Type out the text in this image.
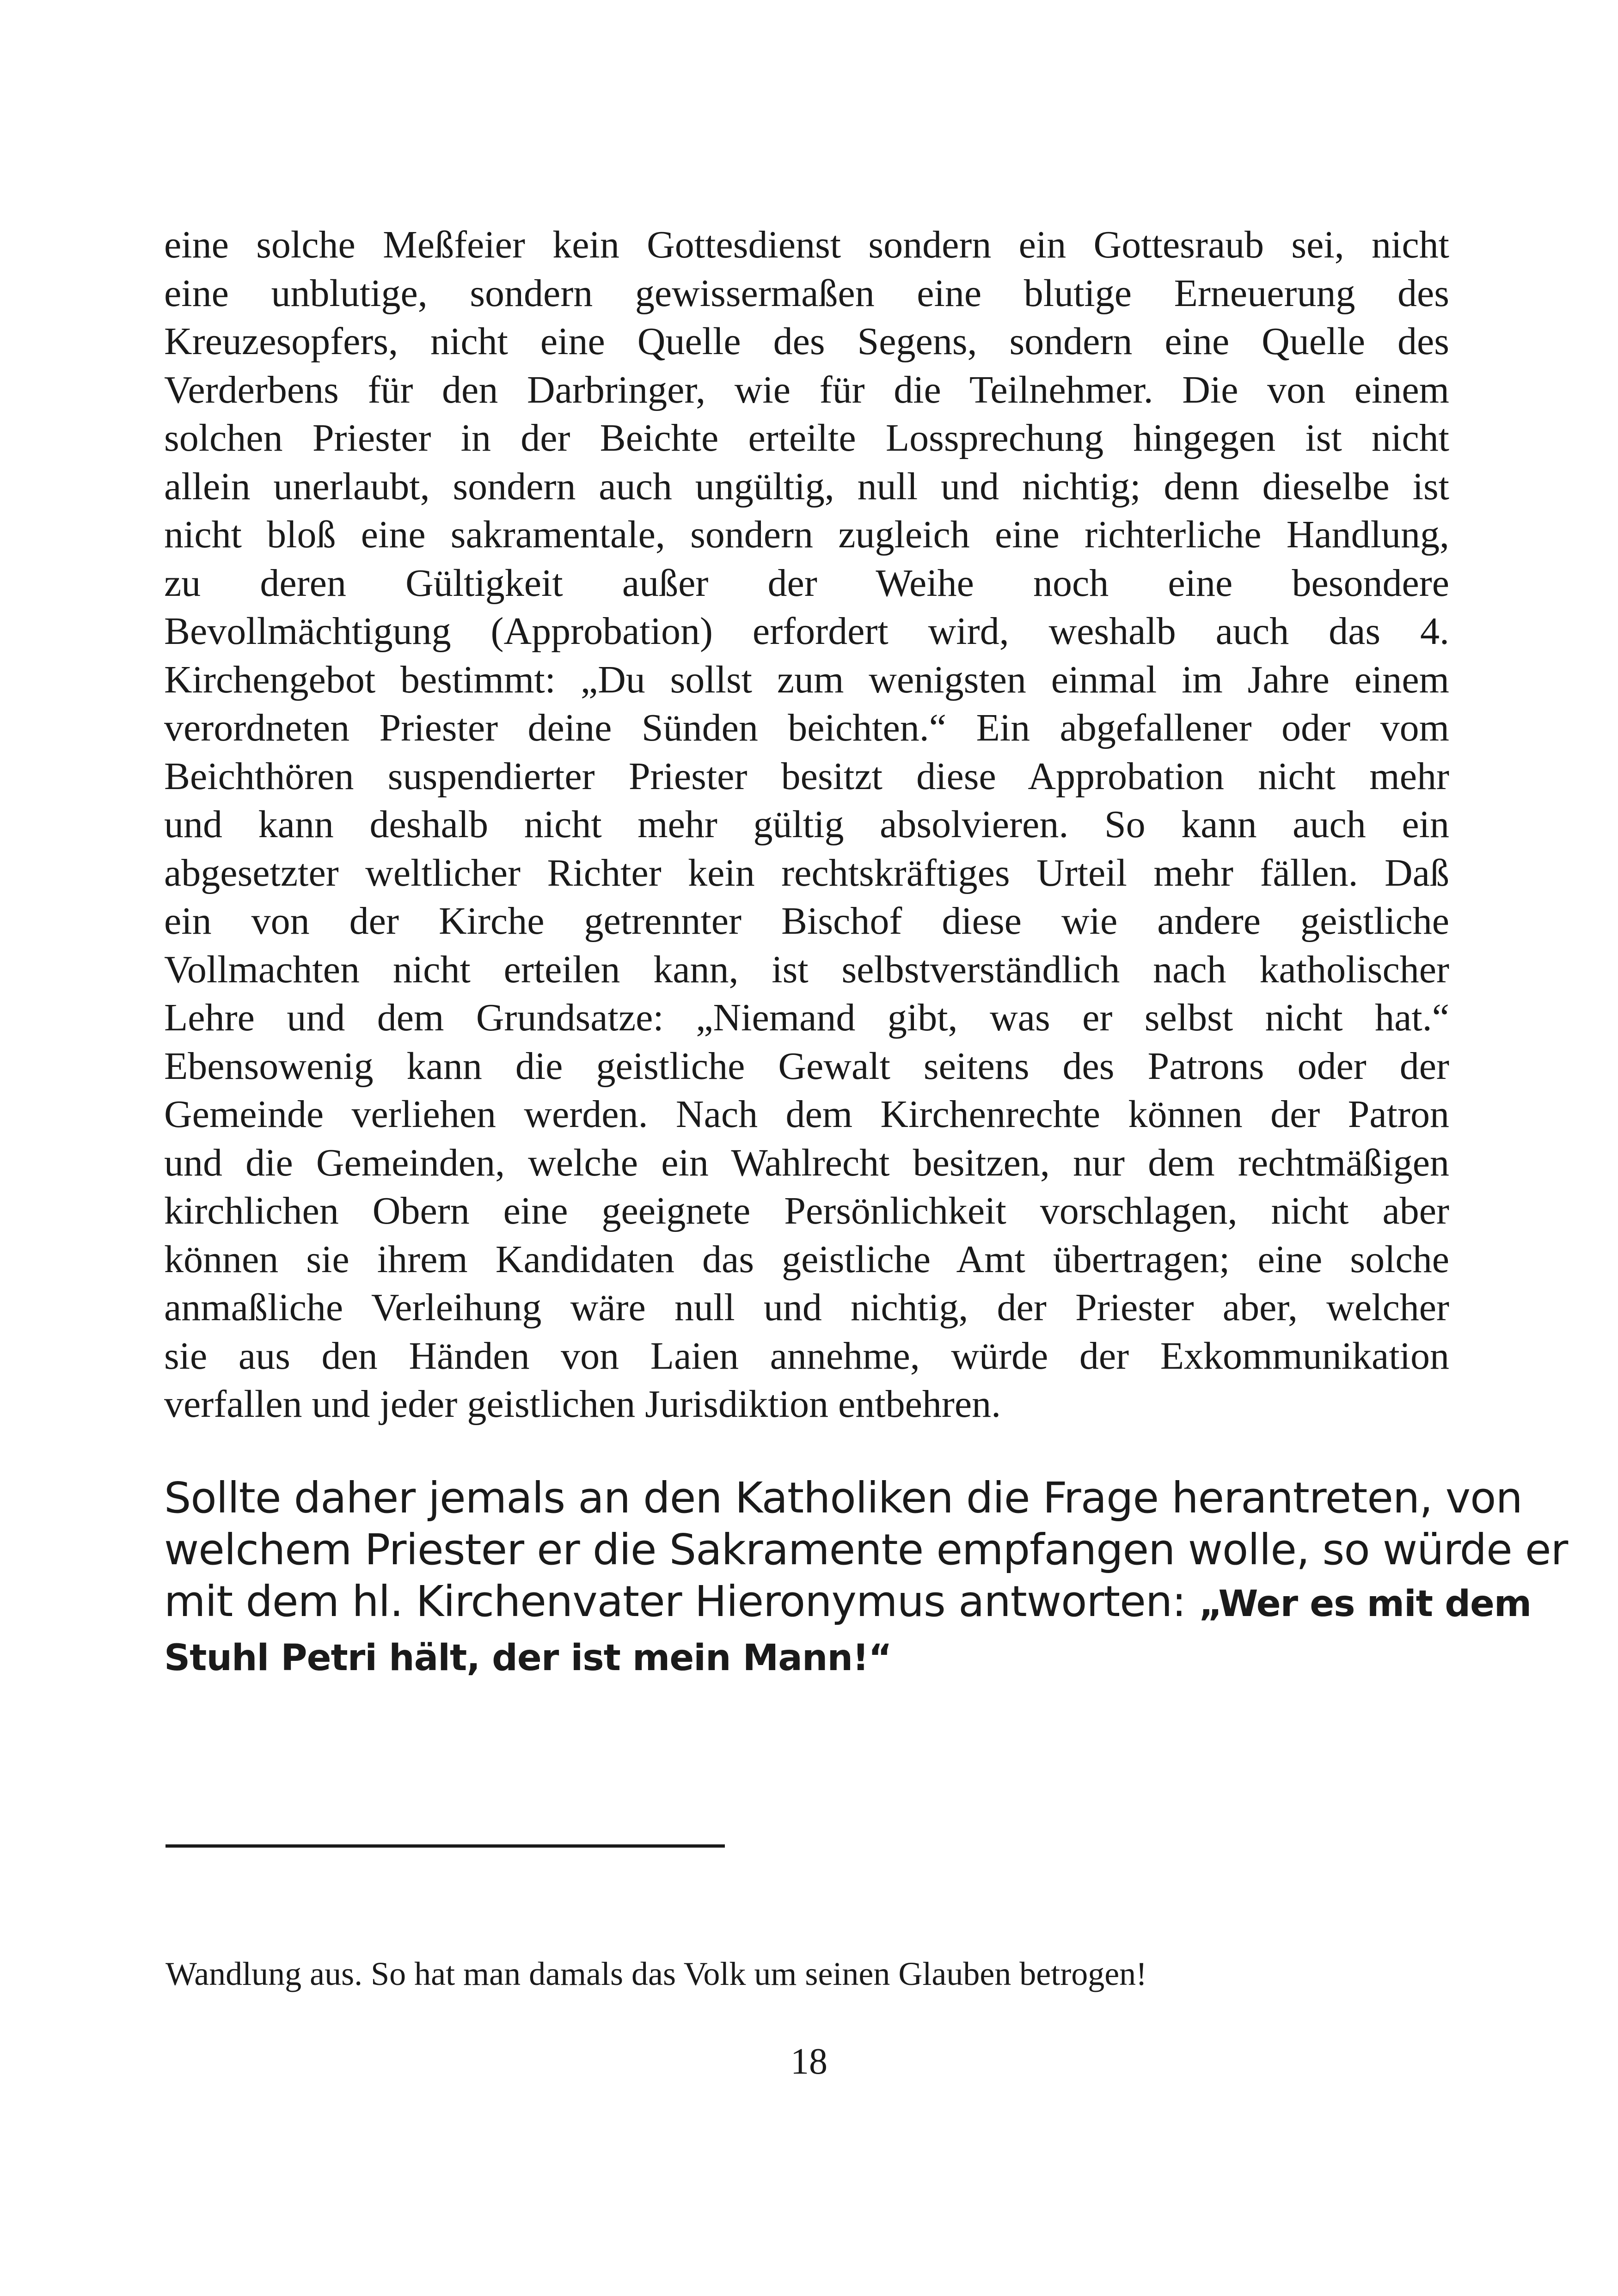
eine solche Meßfeier kein Gottesdienst sondern ein Gottesraub sei, nicht
eine unblutige, sondern gewissermaßen eine blutige Erneuerung des
Kreuzesopfers, nicht eine Quelle des Segens, sondern eine Quelle des
Verderbens für den Darbringer, wie für die Teilnehmer. Die von einem
solchen Priester in der Beichte erteilte Lossprechung hingegen ist nicht
allein unerlaubt, sondern auch ungültig, null und nichtig; denn dieselbe ist
nicht bloß eine sakramentale, sondern zugleich eine richterliche Handlung,
zu deren Gültigkeit außer der Weihe noch eine besondere
Bevollmächtigung (Approbation) erfordert wird, weshalb auch das 4.
Kirchengebot bestimmt: „Du sollst zum wenigsten einmal im Jahre einem
verordneten Priester deine Sünden beichten.“ Ein abgefallener oder vom
Beichthören suspendierter Priester besitzt diese Approbation nicht mehr
und kann deshalb nicht mehr gültig absolvieren. So kann auch ein
abgesetzter weltlicher Richter kein rechtskräftiges Urteil mehr fällen. Daß
ein von der Kirche getrennter Bischof diese wie andere geistliche
Vollmachten nicht erteilen kann, ist selbstverständlich nach katholischer
Lehre und dem Grundsatze: „Niemand gibt, was er selbst nicht hat.“
Ebensowenig kann die geistliche Gewalt seitens des Patrons oder der
Gemeinde verliehen werden. Nach dem Kirchenrechte können der Patron
und die Gemeinden, welche ein Wahlrecht besitzen, nur dem rechtmäßigen
kirchlichen Obern eine geeignete Persönlichkeit vorschlagen, nicht aber
können sie ihrem Kandidaten das geistliche Amt übertragen; eine solche
anmaßliche Verleihung wäre null und nichtig, der Priester aber, welcher
sie aus den Händen von Laien annehme, würde der Exkommunikation
verfallen und jeder geistlichen Jurisdiktion entbehren.
Sollte daher jemals an den Katholiken die Frage herantreten, von
welchem Priester er die Sakramente empfangen wolle, so würde er
mit dem hl. Kirchenvater Hieronymus antworten: „Wer es mit dem
Stuhl Petri hält, der ist mein Mann!“

Wandlung aus. So hat man damals das Volk um seinen Glauben betrogen!

18
